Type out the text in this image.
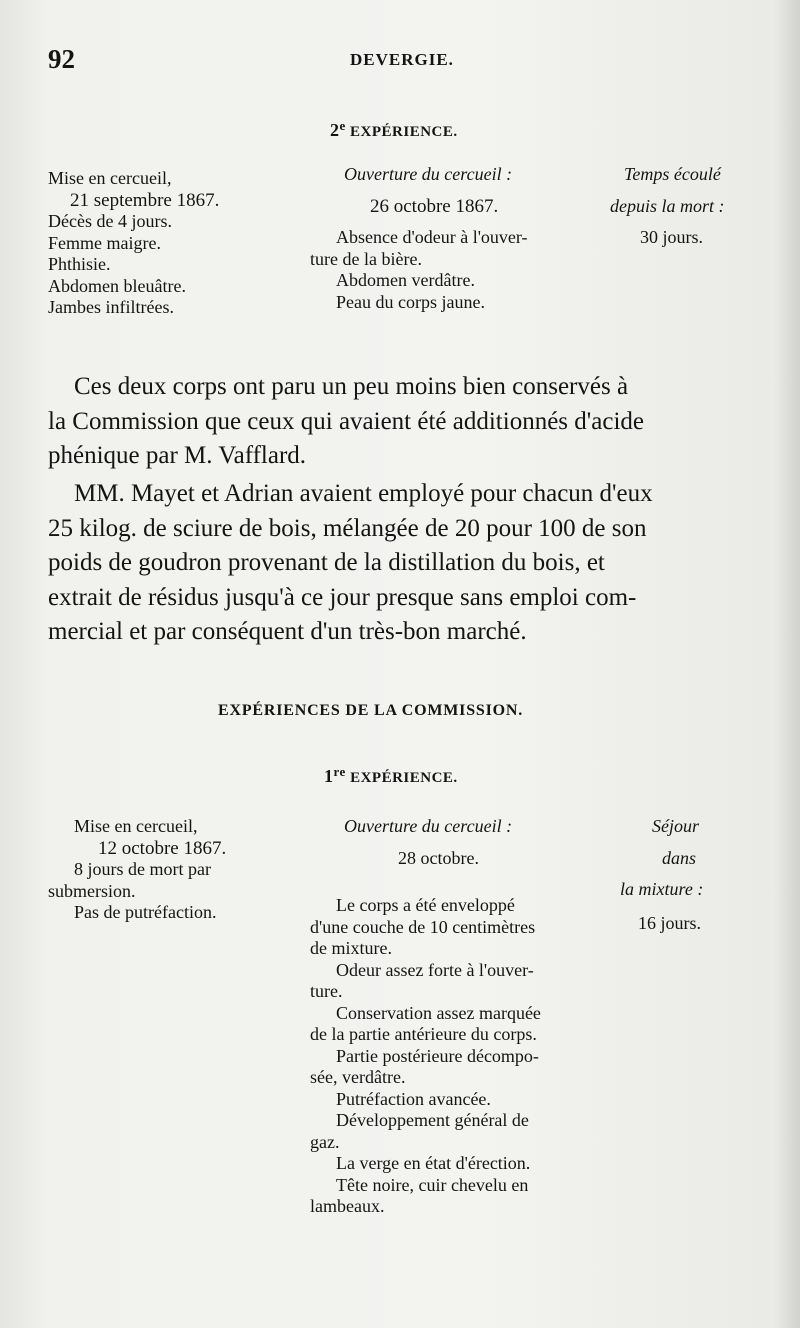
92	DEVERGIE.
2e EXPÉRIENCE.
Mise en cercueil,
21 septembre 1867.
Décès de 4 jours.
Femme maigre.
Phthisie.
Abdomen bleuâtre.
Jambes infiltrées.
Ouverture du cercueil :
26 octobre 1867.
Absence d'odeur à l'ouver-
ture de la bière.
Abdomen verdâtre.
Peau du corps jaune.
Temps écoulé
depuis la mort :
30 jours.
Ces deux corps ont paru un peu moins bien conservés à
la Commission que ceux qui avaient été additionnés d'acide
phénique par M. Vafflard.
MM. Mayet et Adrian avaient employé pour chacun d'eux
25 kilog. de sciure de bois, mélangée de 20 pour 100 de son
poids de goudron provenant de la distillation du bois, et
extrait de résidus jusqu'à ce jour presque sans emploi com-
mercial et par conséquent d'un très-bon marché.
EXPÉRIENCES DE LA COMMISSION.
1re EXPÉRIENCE.
Mise en cercueil,
12 octobre 1867.
8 jours de mort par
submersion.
Pas de putréfaction.
Ouverture du cercueil :
28 octobre.
Le corps a été enveloppé
d'une couche de 10 centimètres
de mixture.
Odeur assez forte à l'ouver-
ture.
Conservation assez marquée
de la partie antérieure du corps.
Partie postérieure décompo-
sée, verdâtre.
Putréfaction avancée.
Développement général de
gaz.
La verge en état d'érection.
Tête noire, cuir chevelu en
lambeaux.
Séjour
dans
la mixture :
16 jours.
